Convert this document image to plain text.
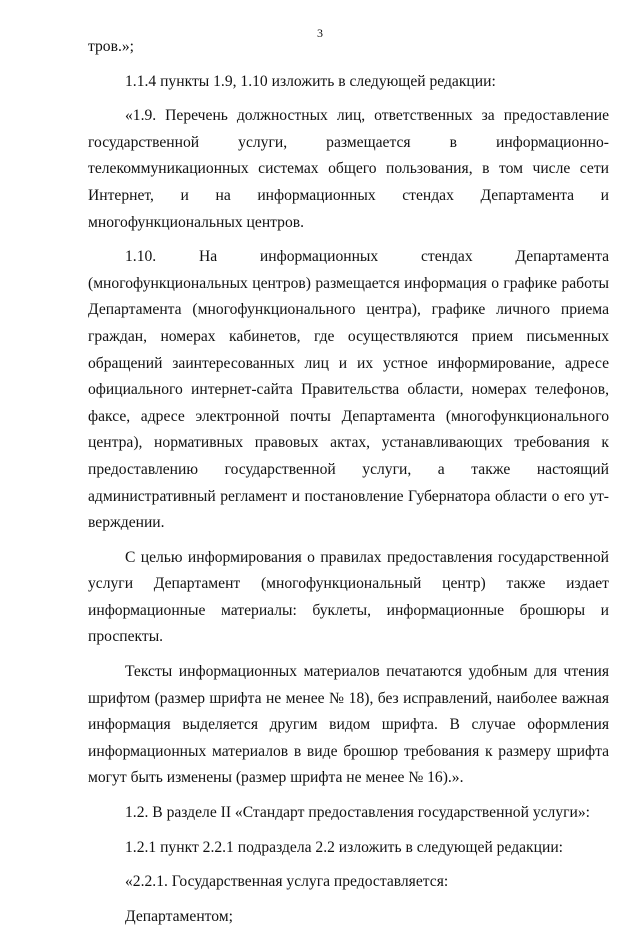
3

тров.»;

1.1.4 пункты 1.9, 1.10 изложить в следующей редакции:

«1.9. Перечень должностных лиц, ответственных за предоставление государственной услуги, размещается в информационно-телекоммуникационных системах общего пользования, в том числе сети Интернет, и на информационных стендах Департамента и многофункциональных центров.

1.10. На информационных стендах Департамента (многофункциональных центров) размещается информация о графике работы Департамента (многофункционального центра), графике личного приема граждан, номерах кабинетов, где осуществляются прием письменных обращений заинтересованных лиц и их устное информирование, адресе официального интернет-сайта Правительства области, номерах телефонов, факсе, адресе электронной почты Департамента (многофункционального центра), нормативных правовых актах, устанавливающих требования к предоставлению государственной услуги, а также настоящий административный регламент и постановление Губернатора области о его утверждении.

С целью информирования о правилах предоставления государственной услуги Департамент (многофункциональный центр) также издает информационные материалы: буклеты, информационные брошюры и проспекты.

Тексты информационных материалов печатаются удобным для чтения шрифтом (размер шрифта не менее № 18), без исправлений, наиболее важная информация выделяется другим видом шрифта. В случае оформления информационных материалов в виде брошюр требования к размеру шрифта могут быть изменены (размер шрифта не менее № 16).».

1.2. В разделе II «Стандарт предоставления государственной услуги»:

1.2.1 пункт 2.2.1 подраздела 2.2 изложить в следующей редакции:

«2.2.1. Государственная услуга предоставляется:

Департаментом;
